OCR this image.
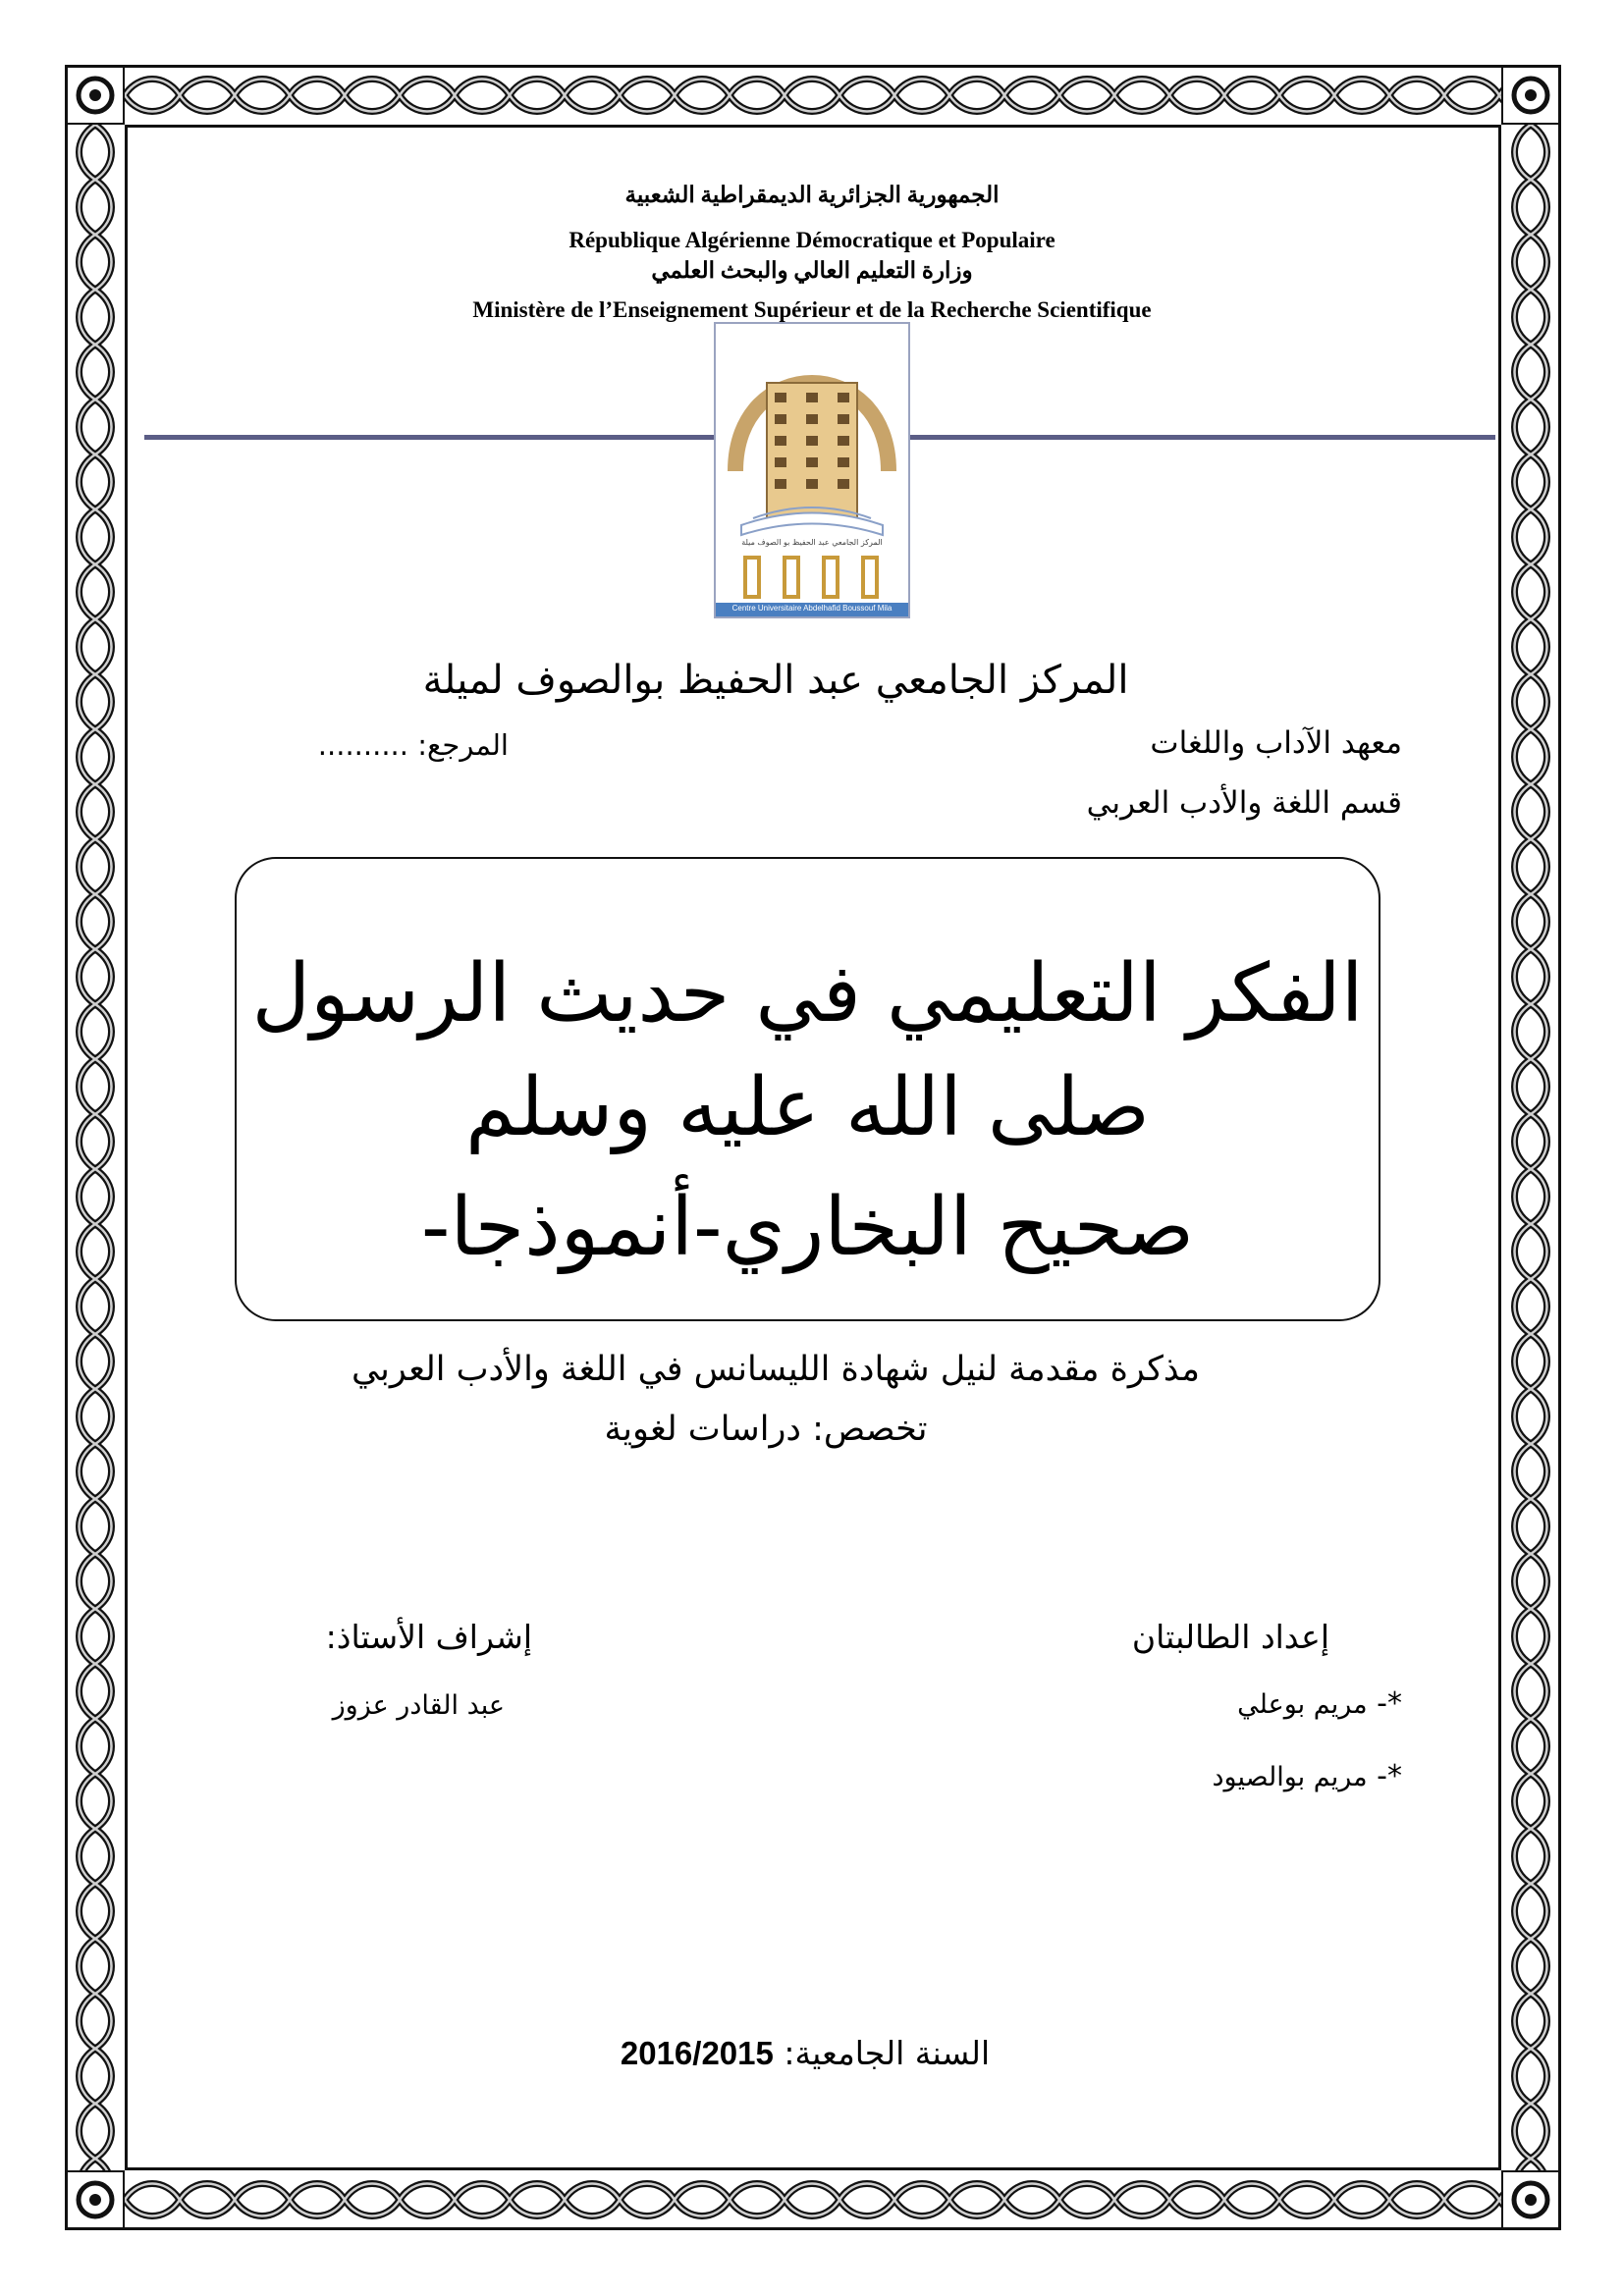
الجمهورية الجزائرية الديمقراطية الشعبية
République Algérienne Démocratique et Populaire
وزارة التعليم العالي والبحث العلمي
Ministère de l’Enseignement Supérieur et de la Recherche Scientifique
المركز الجامعي عبد الحفيظ بو الصوف ميلة
Centre Universitaire Abdelhafid Boussouf Mila
المركز الجامعي عبد الحفيظ بوالصوف لميلة
معهد الآداب واللغات
المرجع: ..........
قسم اللغة والأدب العربي
الفكر التعليمي في حديث الرسول
صلى الله عليه وسلم
صحيح البخاري-أنموذجا-
مذكرة مقدمة لنيل شهادة الليسانس في اللغة والأدب العربي
تخصص: دراسات لغوية
إعداد الطالبتان
*- مريم بوعلي
*- مريم بوالصيود
إشراف الأستاذ:
عبد القادر عزوز
السنة الجامعية: 2016/2015
